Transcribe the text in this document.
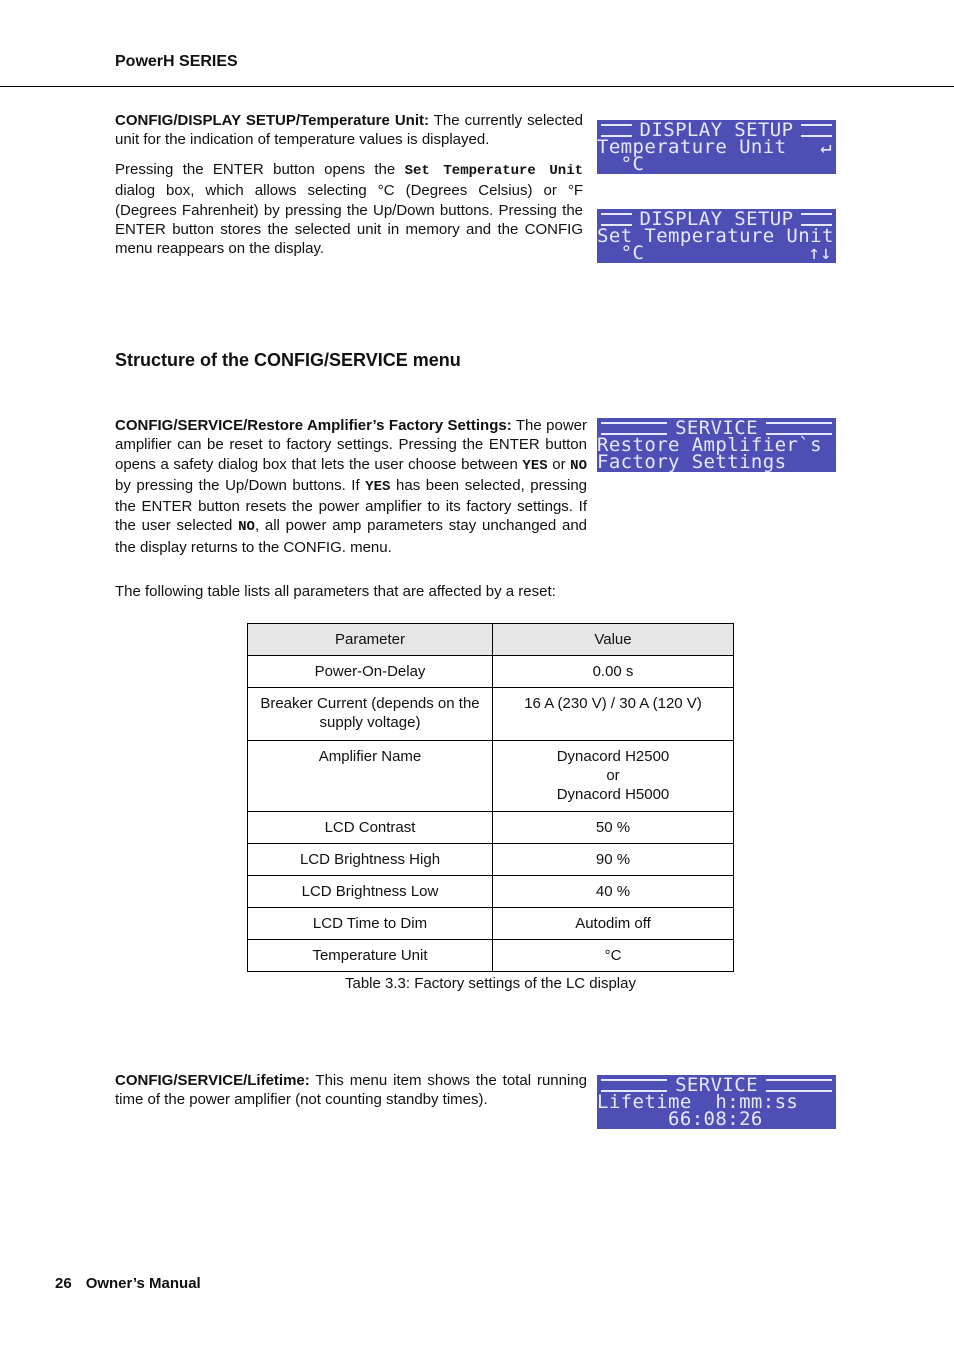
PowerH SERIES

CONFIG/DISPLAY SETUP/Temperature Unit: The currently selected unit for the indication of temperature values is displayed.

Pressing the ENTER button opens the Set Temperature Unit dialog box, which allows selecting °C (Degrees Celsius) or °F (Degrees Fahrenheit) by pressing the Up/Down buttons. Pressing the ENTER button stores the selected unit in memory and the CONFIG menu reappears on the display.

DISPLAY SETUP
Temperature Unit ↵
°C
DISPLAY SETUP
Set Temperature Unit
°C	↑↓
Structure of the CONFIG/SERVICE menu

CONFIG/SERVICE/Restore Amplifier’s Factory Settings: The power amplifier can be reset to factory settings. Pressing the ENTER button opens a safety dialog box that lets the user choose between YES or NO by pressing the Up/Down buttons. If YES has been selected, pressing the ENTER button resets the power amplifier to its factory settings. If the user selected NO, all power amp parameters stay unchanged and the display returns to the CONFIG. menu.

The following table lists all parameters that are affected by a reset:

SERVICE
Restore Amplifier`s
Factory Settings
Parameter	Value
Power-On-Delay	0.00 s
Breaker Current (depends on the supply voltage)	16 A (230 V) / 30 A (120 V)
Amplifier Name	Dynacord H2500
or
Dynacord H5000

LCD Contrast	50 %
LCD Brightness High	90 %
LCD Brightness Low	40 %
LCD Time to Dim	Autodim off
Temperature Unit	°C
Table 3.3: Factory settings of the LC display

CONFIG/SERVICE/Lifetime: This menu item shows the total running time of the power amplifier (not counting standby times).

SERVICE
Lifetime  h:mm:ss
66:08:26
26 Owner’s Manual
